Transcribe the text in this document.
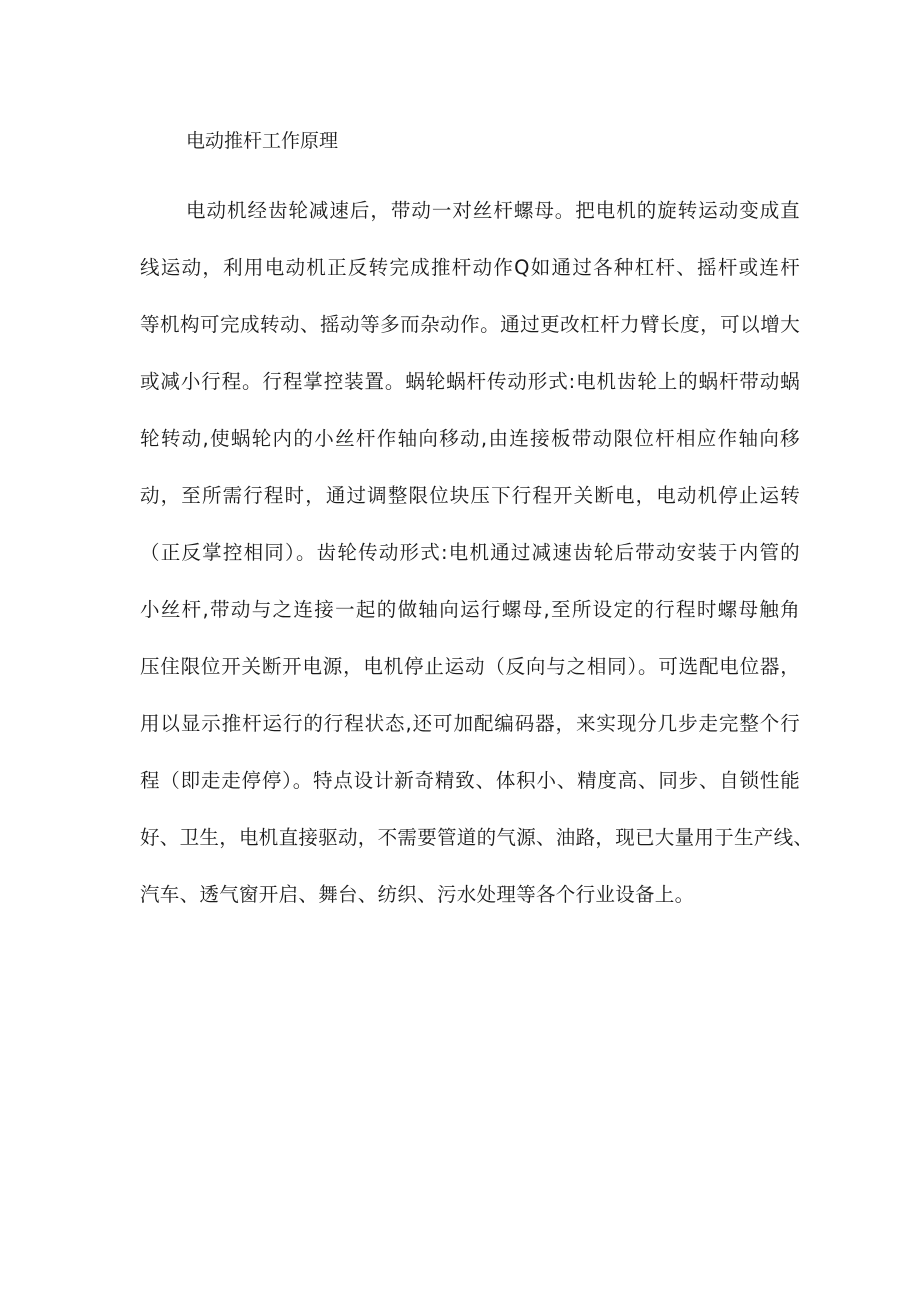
电动推杆工作原理
电动机经齿轮减速后，带动一对丝杆螺母。把电机的旋转运动变成直
线运动，利用电动机正反转完成推杆动作Q如通过各种杠杆、摇杆或连杆
等机构可完成转动、摇动等多而杂动作。通过更改杠杆力臂长度，可以增大
或减小行程。行程掌控装置。蜗轮蜗杆传动形式:电机齿轮上的蜗杆带动蜗
轮转动,使蜗轮内的小丝杆作轴向移动,由连接板带动限位杆相应作轴向移
动，至所需行程时，通过调整限位块压下行程开关断电，电动机停止运转
（正反掌控相同）。齿轮传动形式:电机通过减速齿轮后带动安装于内管的
小丝杆,带动与之连接一起的做轴向运行螺母,至所设定的行程时螺母触角
压住限位开关断开电源，电机停止运动（反向与之相同）。可选配电位器，
用以显示推杆运行的行程状态,还可加配编码器，来实现分几步走完整个行
程（即走走停停）。特点设计新奇精致、体积小、精度高、同步、自锁性能
好、卫生，电机直接驱动，不需要管道的气源、油路，现已大量用于生产线、
汽车、透气窗开启、舞台、纺织、污水处理等各个行业设备上。
